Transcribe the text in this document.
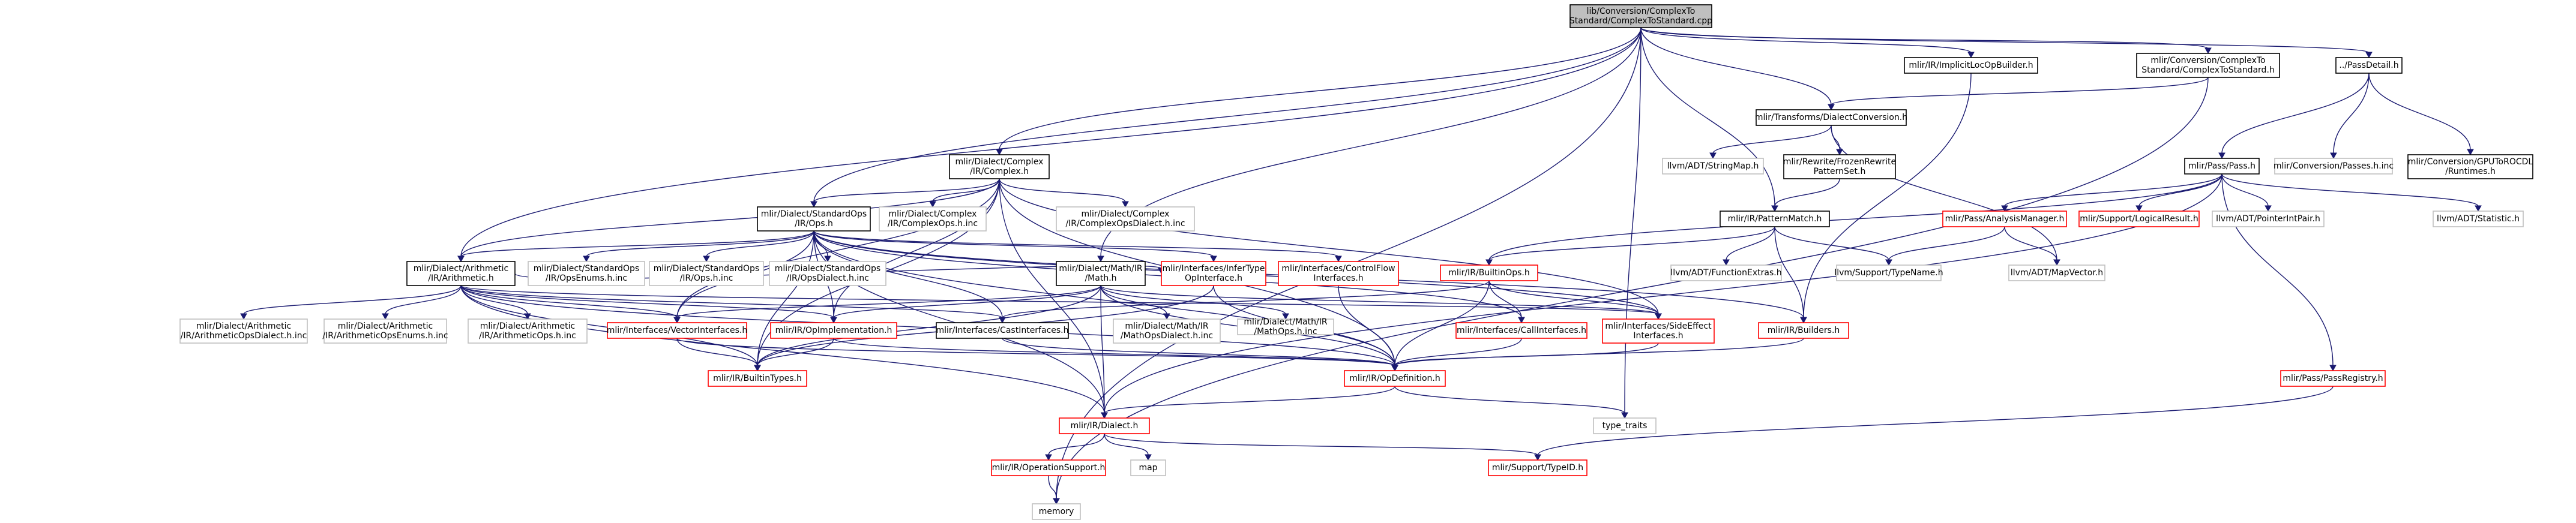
lib/Conversion/ComplexTo
Standard/ComplexToStandard.cpp
mlir/IR/ImplicitLocOpBuilder.h	mlir/Conversion/ComplexTo
Standard/ComplexToStandard.h	../PassDetail.h
mlir/Transforms/DialectConversion.h
mlir/Dialect/Complex
/IR/Complex.h
llvm/ADT/StringMap.h	mlir/Rewrite/FrozenRewrite
PatternSet.h
mlir/Pass/Pass.h mlir/Conversion/Passes.h.inc mlir/Conversion/GPUToROCDL
/Runtimes.h
mlir/Dialect/StandardOps
/IR/Ops.h
mlir/Dialect/Complex
/IR/ComplexOps.h.inc
mlir/Dialect/Complex
/IR/ComplexOpsDialect.h.inc	mlir/IR/PatternMatch.h	mlir/Pass/AnalysisManager.h mlir/Support/LogicalResult.h llvm/ADT/PointerIntPair.h	llvm/ADT/Statistic.h
mlir/Dialect/Arithmetic
/IR/Arithmetic.h
mlir/Dialect/StandardOps
/IR/OpsEnums.h.inc
mlir/Dialect/StandardOps
/IR/Ops.h.inc
mlir/Dialect/StandardOps
/IR/OpsDialect.h.inc
mlir/Dialect/Math/IR
/Math.h
mlir/Interfaces/InferType
OpInterface.h
mlir/Interfaces/ControlFlow
Interfaces.h
mlir/IR/BuiltinOps.h	llvm/ADT/FunctionExtras.h	llvm/Support/TypeName.h	llvm/ADT/MapVector.h
mlir/Dialect/Arithmetic
/IR/ArithmeticOpsDialect.h.inc
mlir/Dialect/Arithmetic
/IR/ArithmeticOpsEnums.h.inc
mlir/Dialect/Arithmetic
/IR/ArithmeticOps.h.inc
mlir/Interfaces/VectorInterfaces.h	mlir/IR/OpImplementation.h	mlir/Interfaces/CastInterfaces.h	mlir/Dialect/Math/IR
/MathOpsDialect.h.inc
mlir/Dialect/Math/IR
/MathOps.h.inc	mlir/Interfaces/CallInterfaces.h mlir/Interfaces/SideEffect
Interfaces.h
mlir/IR/Builders.h
mlir/IR/BuiltinTypes.h	mlir/IR/OpDefinition.h	mlir/Pass/PassRegistry.h
mlir/IR/Dialect.h	type_traits
mlir/IR/OperationSupport.h	map	mlir/Support/TypeID.h
memory
